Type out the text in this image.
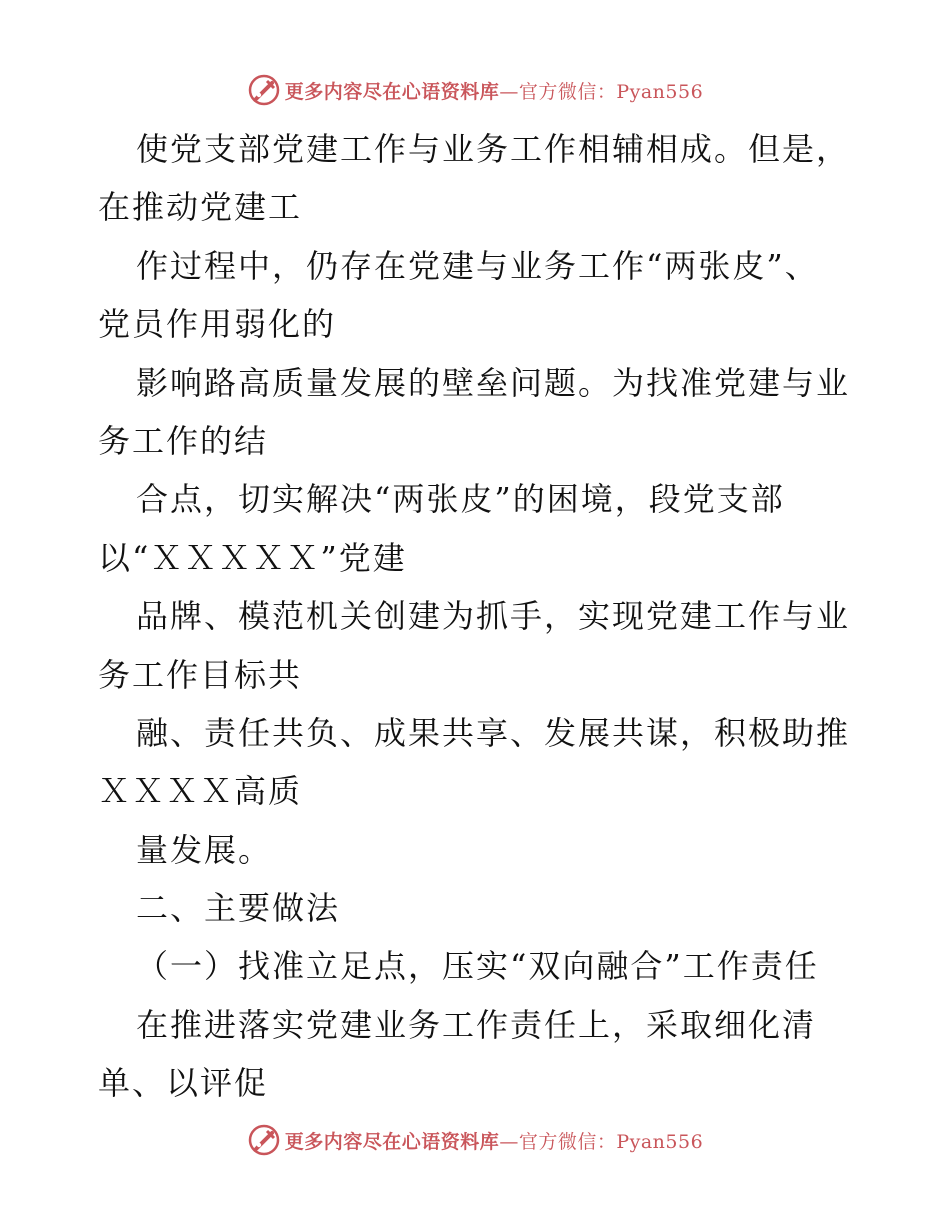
更多内容尽在心语资料库—官方微信：Pyan556

使党支部党建工作与业务工作相辅相成。但是，

在推动党建工

作过程中，仍存在党建与业务工作“两张皮”、

党员作用弱化的

影响路高质量发展的壁垒问题。为找准党建与业

务工作的结

合点，切实解决“两张皮”的困境，段党支部

以“ＸＸＸＸＸ”党建

品牌、模范机关创建为抓手，实现党建工作与业

务工作目标共

融、责任共负、成果共享、发展共谋，积极助推

ＸＸＸＸ高质

量发展。

二、主要做法

（一）找准立足点，压实“双向融合”工作责任

在推进落实党建业务工作责任上，采取细化清

单、以评促

更多内容尽在心语资料库—官方微信：Pyan556
